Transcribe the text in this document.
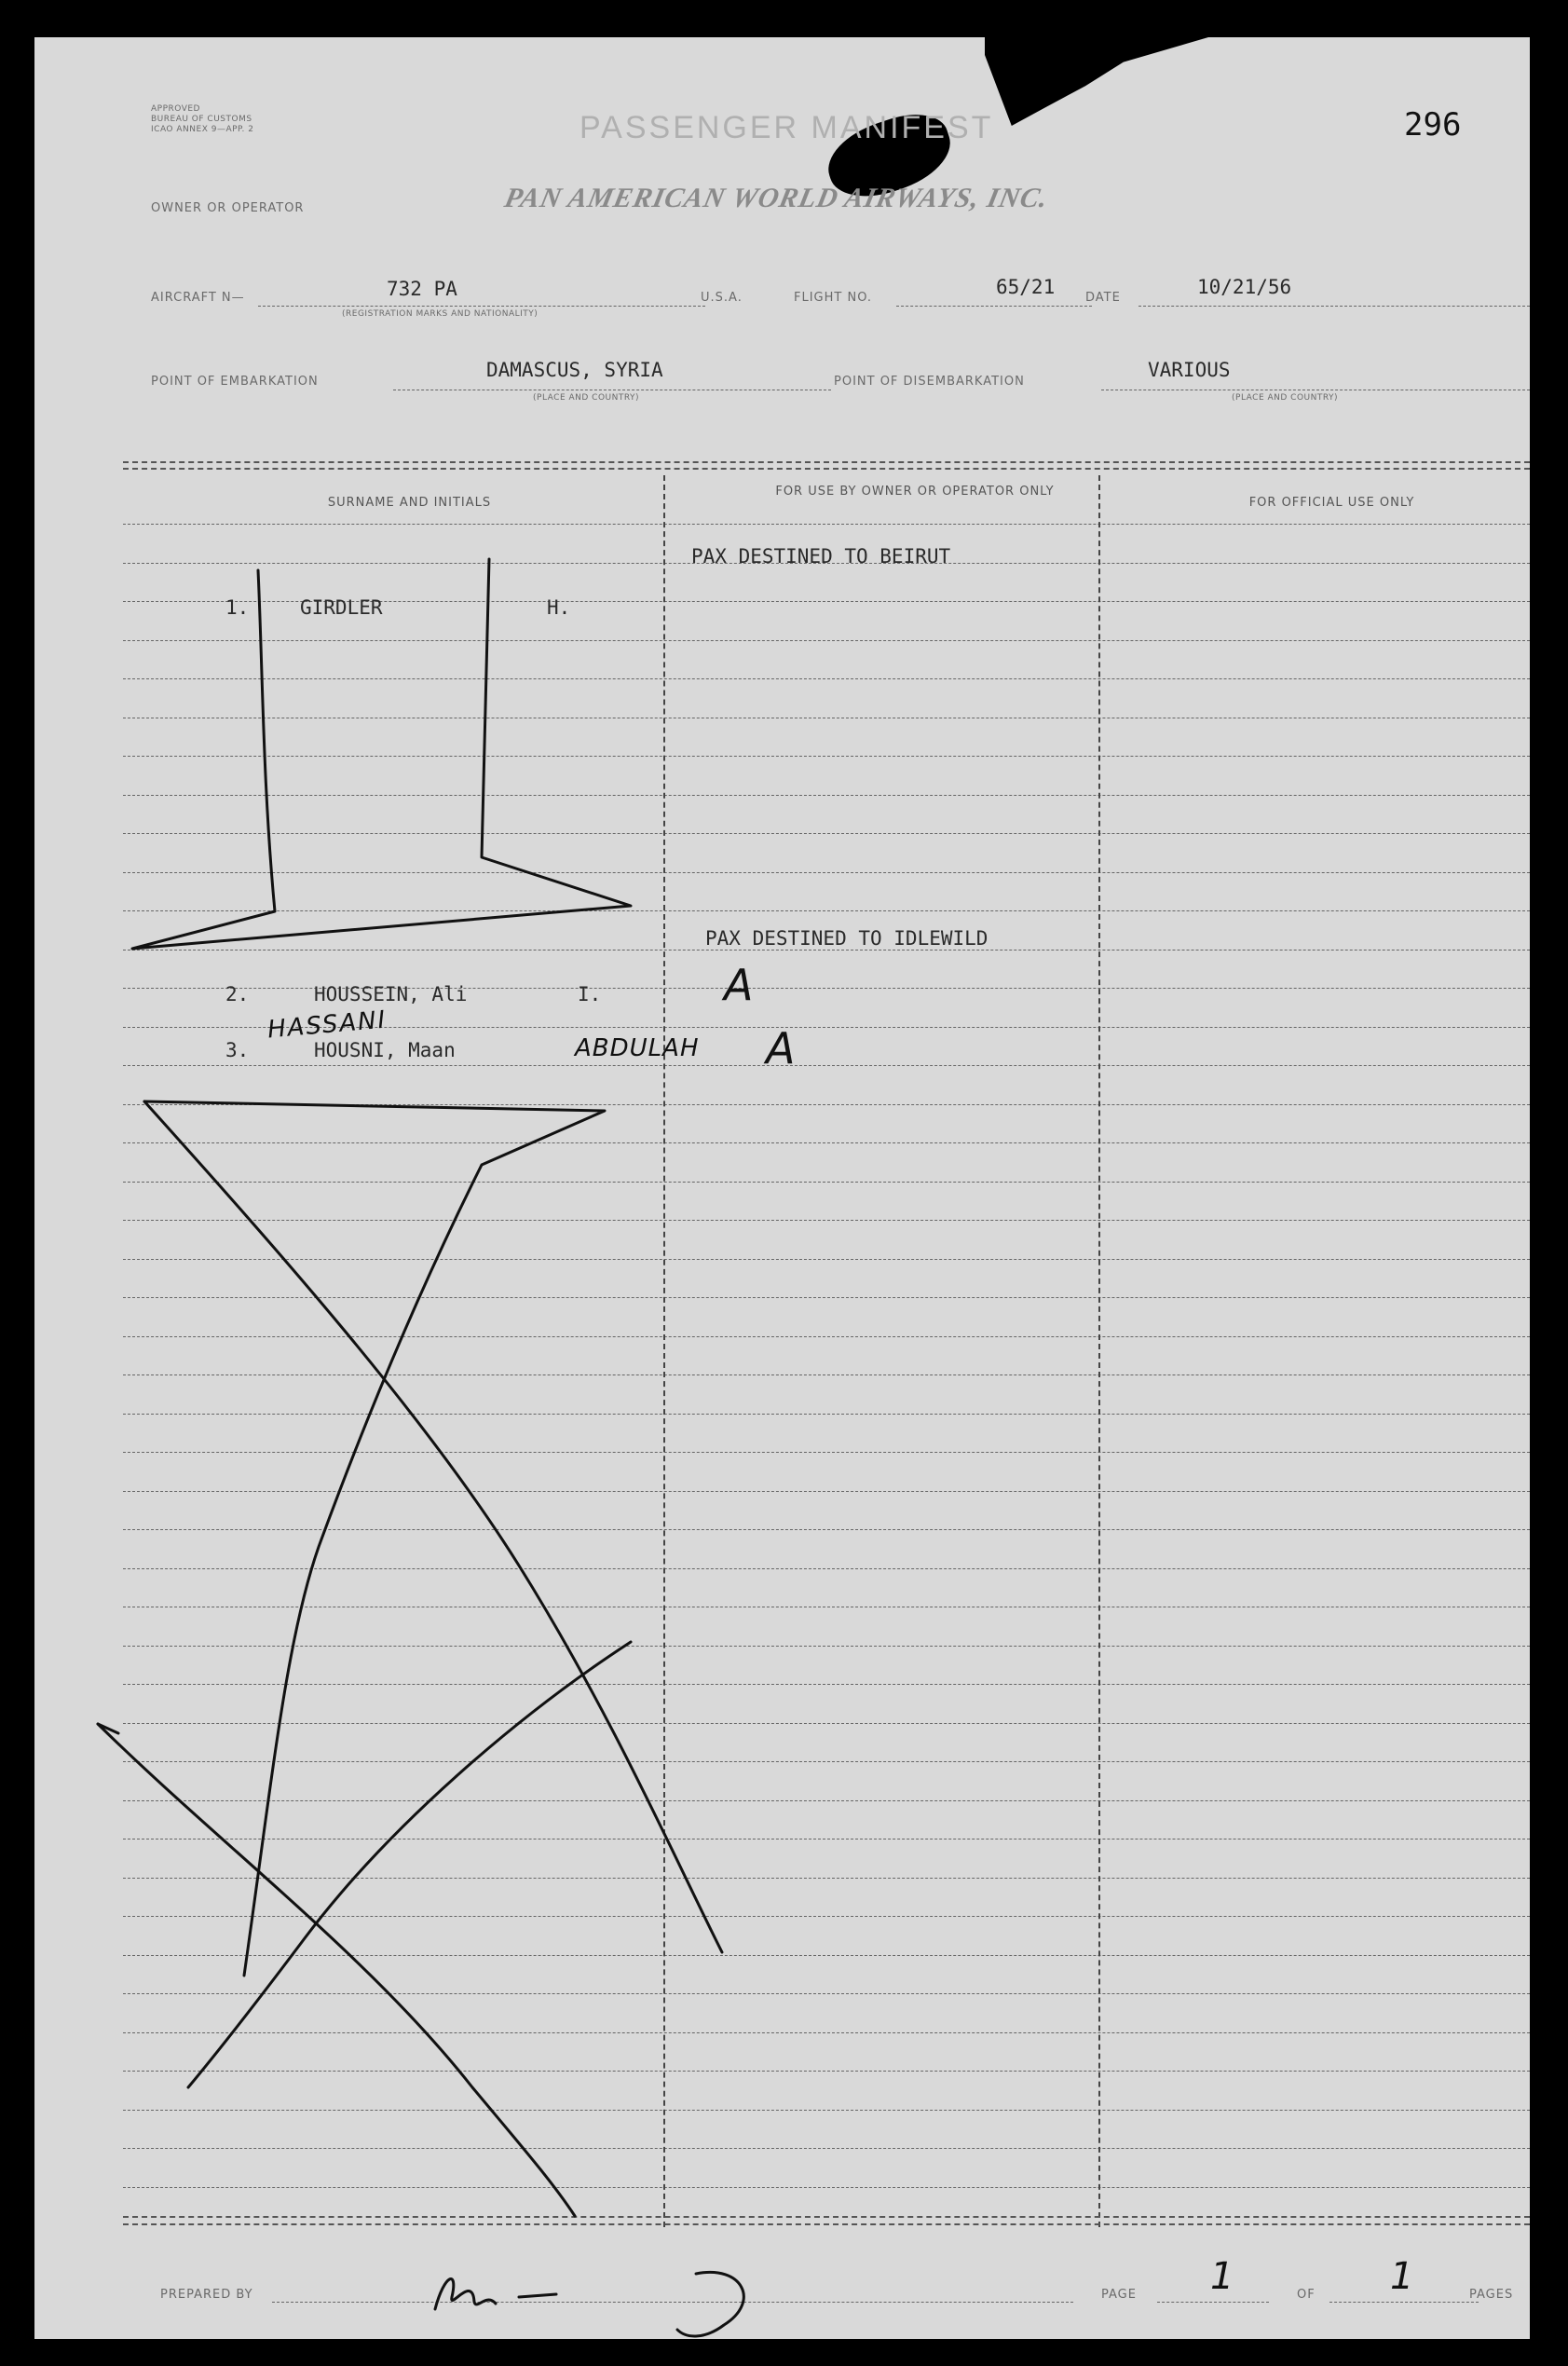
APPROVED
BUREAU OF CUSTOMS
ICAO ANNEX 9—APP. 2	PASSENGER MANIFEST	296
OWNER OR OPERATOR	PAN AMERICAN WORLD AIRWAYS, INC.
AIRCRAFT N—	732 PA
(REGISTRATION MARKS AND NATIONALITY)
U.S.A.	FLIGHT NO.	65/21	DATE	10/21/56
POINT OF EMBARKATION
DAMASCUS, SYRIA
(PLACE AND COUNTRY)
POINT OF DISEMBARKATION
VARIOUS
(PLACE AND COUNTRY)
SURNAME AND INITIALS
FOR USE BY OWNER OR OPERATOR ONLY
FOR OFFICIAL USE ONLY
PAX DESTINED TO BEIRUT
1.	GIRDLER	H.
PAX DESTINED TO IDLEWILD
2.	HOUSSEIN, Ali	I.	A
HASSANI
3.	HOUSNI, Maan	ABDULAH A
PREPARED BY	PAGE 1	OF 1	PAGES
